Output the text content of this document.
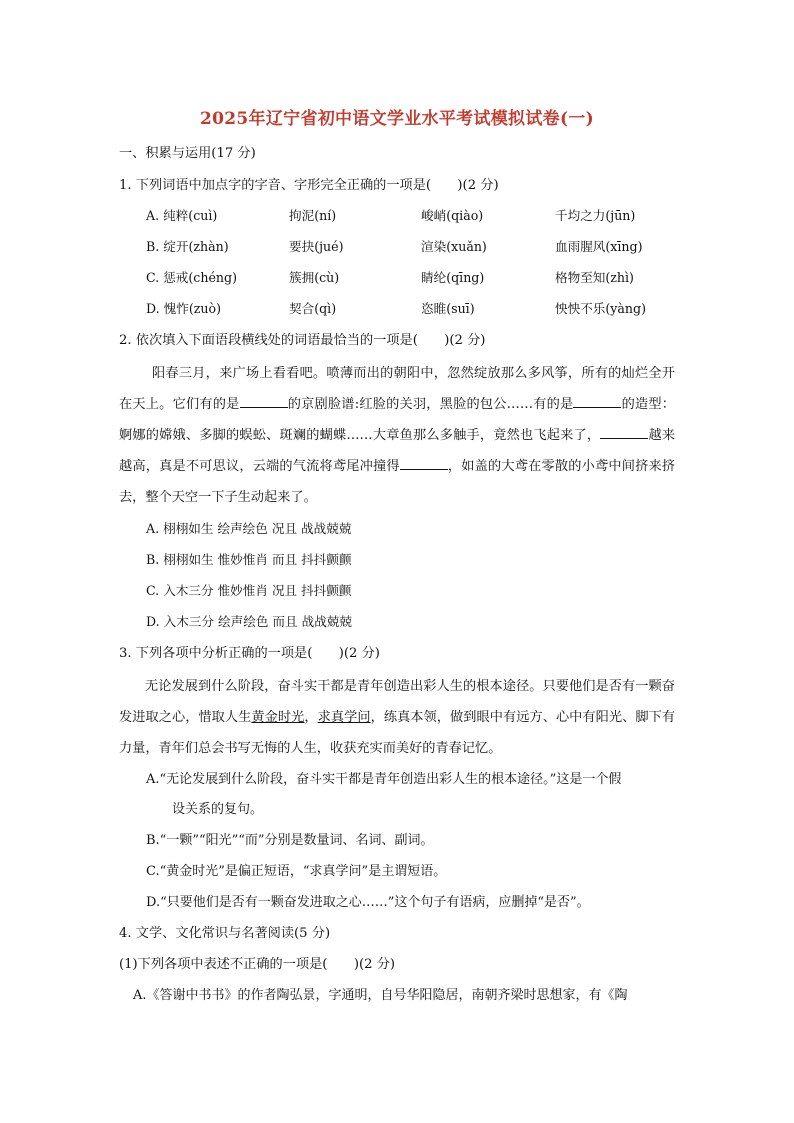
2025年辽宁省初中语文学业水平考试模拟试卷(一)
一、积累与运用(17 分)
1. 下列词语中加点字的字音、字形完全正确的一项是(　　)(2 分)
A. 纯粹(cuì)	拘泥(ní)	峻峭(qiào)	千均之力(jūn)
B. 绽开(zhàn)	要抉(jué)	渲染(xuǎn)	血雨腥风(xīng)
C. 惩戒(chéng)	簇拥(cù)	睛纶(qīng)	格物至知(zhì)
D. 愧怍(zuò)	契合(qì)	恣睢(suī)	怏怏不乐(yàng)
2. 依次填入下面语段横线处的词语最恰当的一项是(　　)(2 分)
阳春三月，来广场上看看吧。喷薄而出的朝阳中，忽然绽放那么多风筝，所有的灿烂全开在天上。它们有的是	的京剧脸谱:红脸的关羽，黑脸的包公……有的是	的造型：婀娜的嫦娥、多脚的蜈蚣、斑斓的蝴蝶……大章鱼那么多触手，竟然也飞起来了，	越来越高，真是不可思议，云端的气流将鸢尾冲撞得	，如盖的大鸢在零散的小鸢中间挤来挤去，整个天空一下子生动起来了。
A. 栩栩如生 绘声绘色 况且 战战兢兢
B. 栩栩如生 惟妙惟肖 而且 抖抖颤颤
C. 入木三分 惟妙惟肖 况且 抖抖颤颤
D. 入木三分 绘声绘色 而且 战战兢兢
3. 下列各项中分析正确的一项是(　　)(2 分)
无论发展到什么阶段，奋斗实干都是青年创造出彩人生的根本途径。只要他们是否有一颗奋发进取之心，惜取人生黄金时光，求真学问，练真本领，做到眼中有远方、心中有阳光、脚下有力量，青年们总会书写无悔的人生，收获充实而美好的青春记忆。
A.“无论发展到什么阶段，奋斗实干都是青年创造出彩人生的根本途径。”这是一个假
设关系的复句。
B.“一颗”“阳光”“而”分别是数量词、名词、副词。
C.“黄金时光”是偏正短语，“求真学问”是主谓短语。
D.“只要他们是否有一颗奋发进取之心……”这个句子有语病，应删掉“是否”。
4. 文学、文化常识与名著阅读(5 分)
(1)下列各项中表述不正确的一项是(　　)(2 分)
A.《答谢中书书》的作者陶弘景，字通明，自号华阳隐居，南朝齐梁时思想家，有《陶
